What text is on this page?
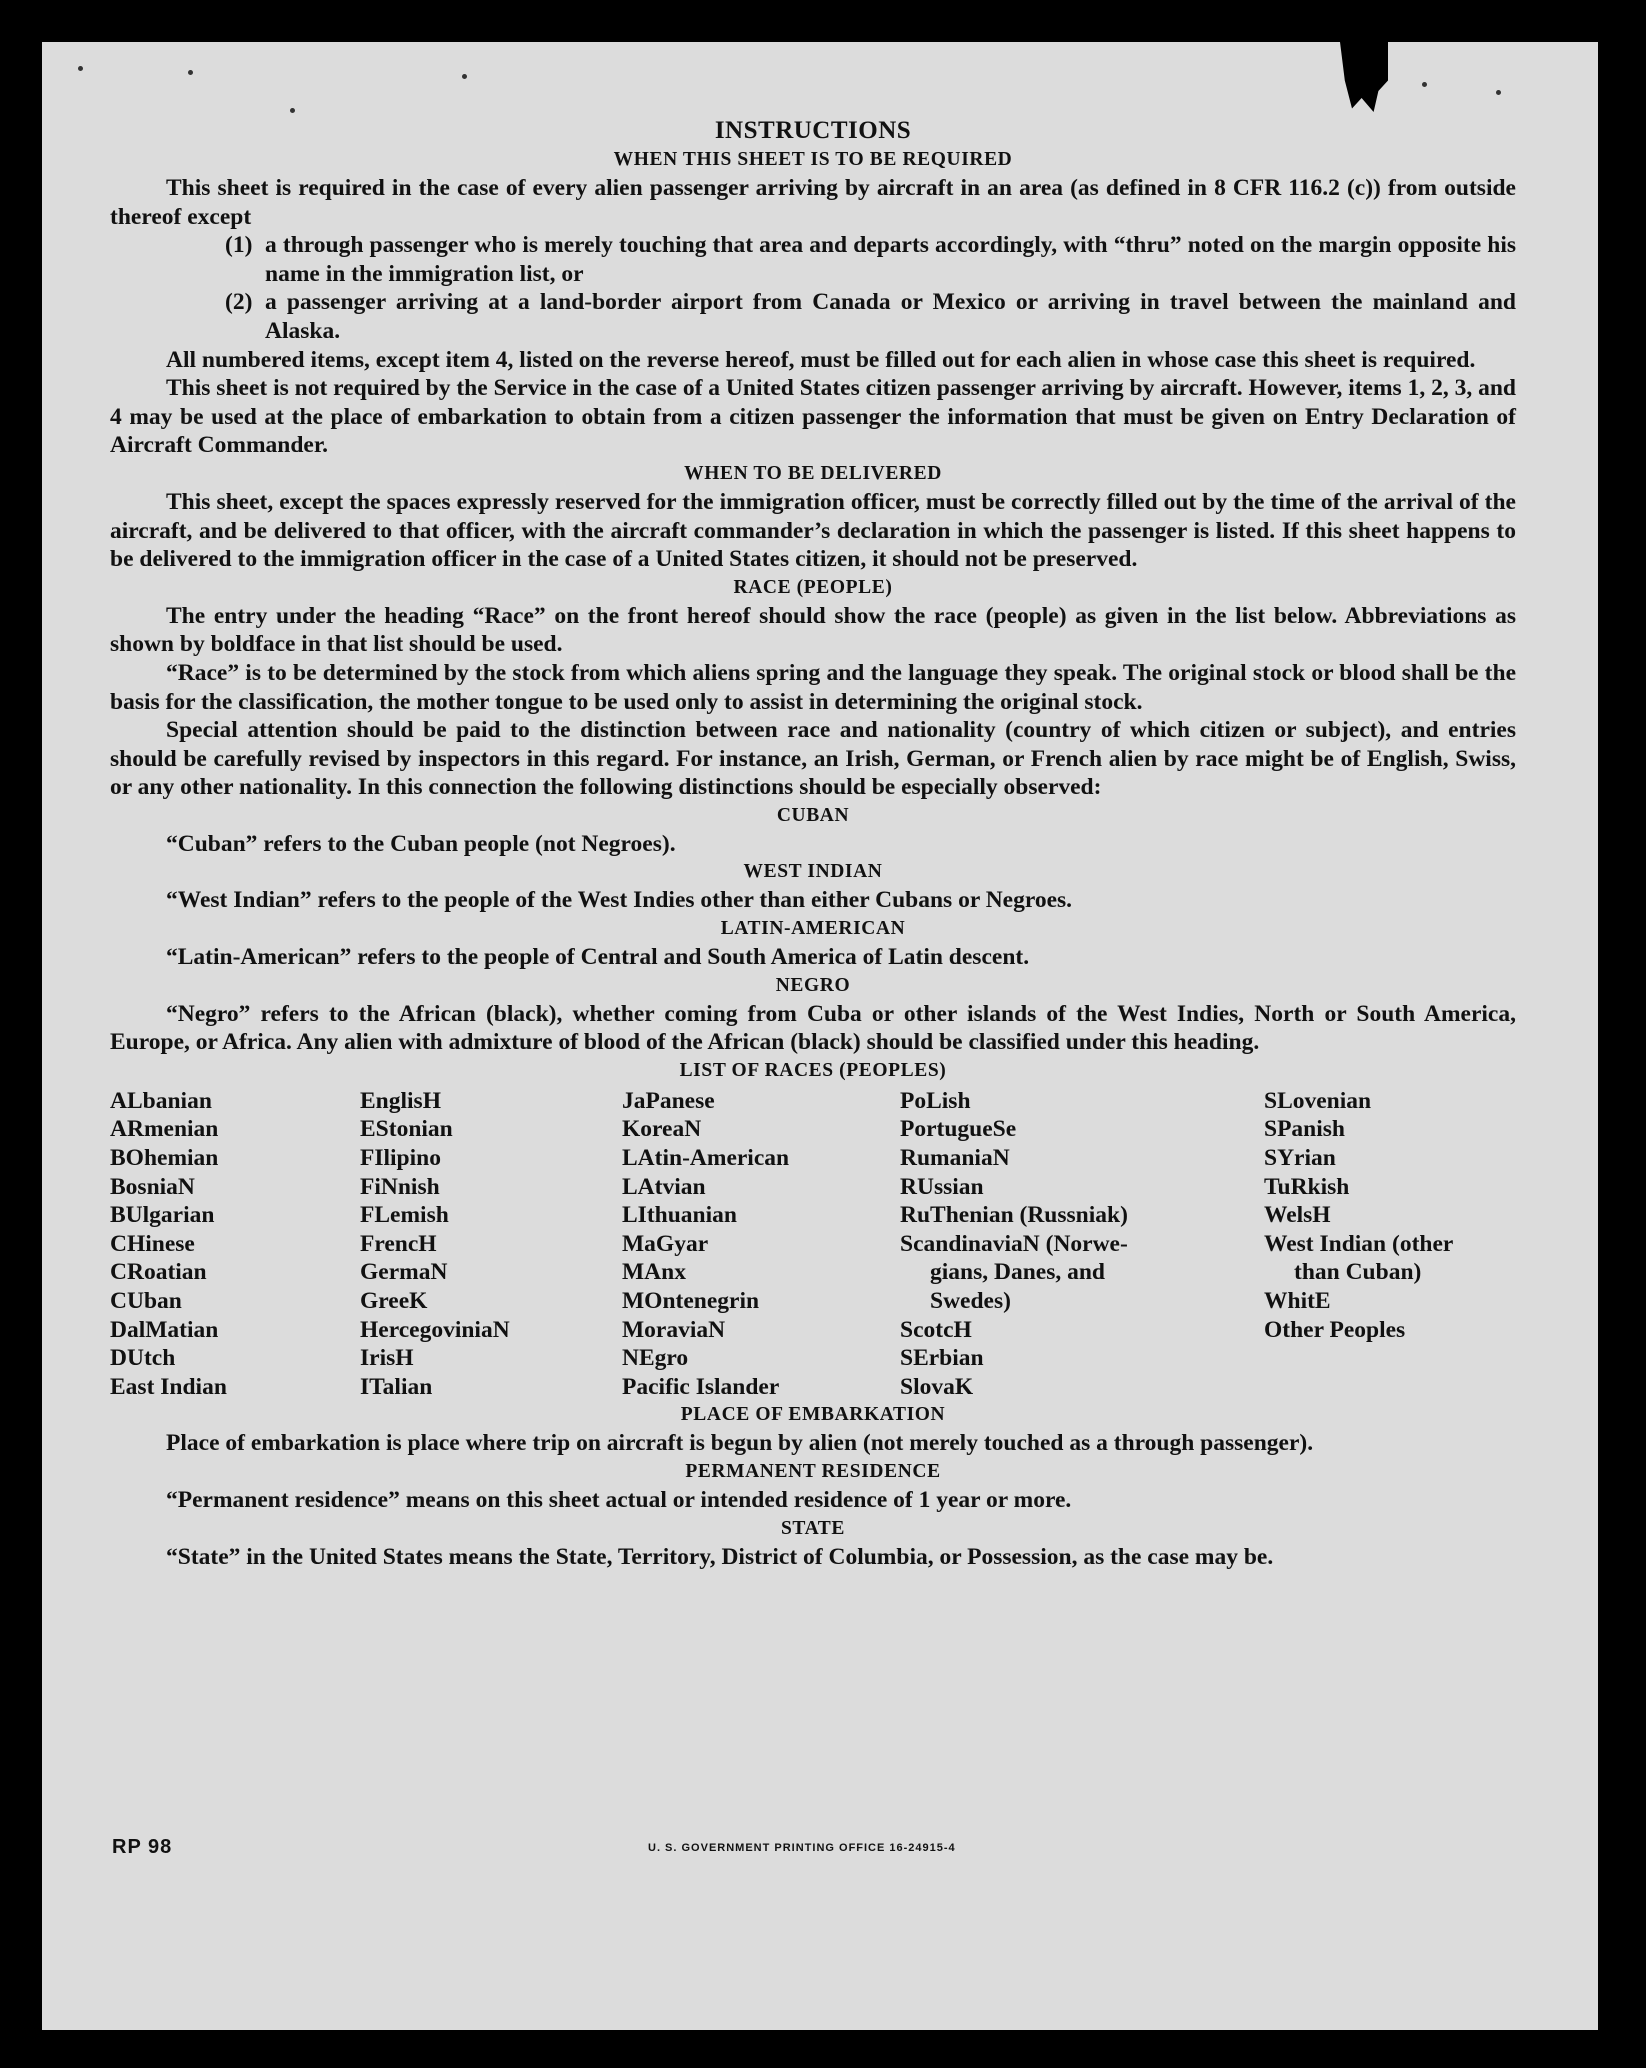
INSTRUCTIONS
WHEN THIS SHEET IS TO BE REQUIRED

This sheet is required in the case of every alien passenger arriving by aircraft in an area (as defined in 8 CFR 116.2 (c)) from outside thereof except

(1) a through passenger who is merely touching that area and departs accordingly, with “thru” noted on the margin opposite his name in the immigration list, or
(2) a passenger arriving at a land-border airport from Canada or Mexico or arriving in travel between the mainland and Alaska.

All numbered items, except item 4, listed on the reverse hereof, must be filled out for each alien in whose case this sheet is required.

This sheet is not required by the Service in the case of a United States citizen passenger arriving by aircraft. However, items 1, 2, 3, and 4 may be used at the place of embarkation to obtain from a citizen passenger the information that must be given on Entry Declaration of Aircraft Commander.

WHEN TO BE DELIVERED

This sheet, except the spaces expressly reserved for the immigration officer, must be correctly filled out by the time of the arrival of the aircraft, and be delivered to that officer, with the aircraft commander’s declaration in which the passenger is listed. If this sheet happens to be delivered to the immigration officer in the case of a United States citizen, it should not be preserved.

RACE (PEOPLE)

The entry under the heading “Race” on the front hereof should show the race (people) as given in the list below. Abbreviations as shown by boldface in that list should be used.

“Race” is to be determined by the stock from which aliens spring and the language they speak. The original stock or blood shall be the basis for the classification, the mother tongue to be used only to assist in determining the original stock.

Special attention should be paid to the distinction between race and nationality (country of which citizen or subject), and entries should be carefully revised by inspectors in this regard. For instance, an Irish, German, or French alien by race might be of English, Swiss, or any other nationality. In this connection the following distinctions should be especially observed:

CUBAN

“Cuban” refers to the Cuban people (not Negroes).

WEST INDIAN

“West Indian” refers to the people of the West Indies other than either Cubans or Negroes.

LATIN-AMERICAN

“Latin-American” refers to the people of Central and South America of Latin descent.

NEGRO

“Negro” refers to the African (black), whether coming from Cuba or other islands of the West Indies, North or South America, Europe, or Africa. Any alien with admixture of blood of the African (black) should be classified under this heading.

LIST OF RACES (PEOPLES)
ALbanian
ARmenian
BOhemian
BosniaN
BUlgarian
CHinese
CRoatian
CUban
DalMatian
DUtch
East Indian
EnglisH
EStonian
FIlipino
FiNnish
FLemish
FrencH
GermaN
GreeK
HercegoviniaN
IrisH
ITalian
JaPanese
KoreaN
LAtin-American
LAtvian
LIthuanian
MaGyar
MAnx
MOntenegrin
MoraviaN
NEgro
Pacific Islander
PoLish
PortugueSe
RumaniaN
RUssian
RuThenian (Russniak)
ScandinaviaN (Norwe-
gians, Danes, and
Swedes)
ScotcH
SErbian
SlovaK
SLovenian
SPanish
SYrian
TuRkish
WelsH
West Indian (other
than Cuban)
WhitE
Other Peoples
PLACE OF EMBARKATION

Place of embarkation is place where trip on aircraft is begun by alien (not merely touched as a through passenger).

PERMANENT RESIDENCE

“Permanent residence” means on this sheet actual or intended residence of 1 year or more.

STATE

“State” in the United States means the State, Territory, District of Columbia, or Possession, as the case may be.

RP 98	U. S. GOVERNMENT PRINTING OFFICE 16-24915-4
